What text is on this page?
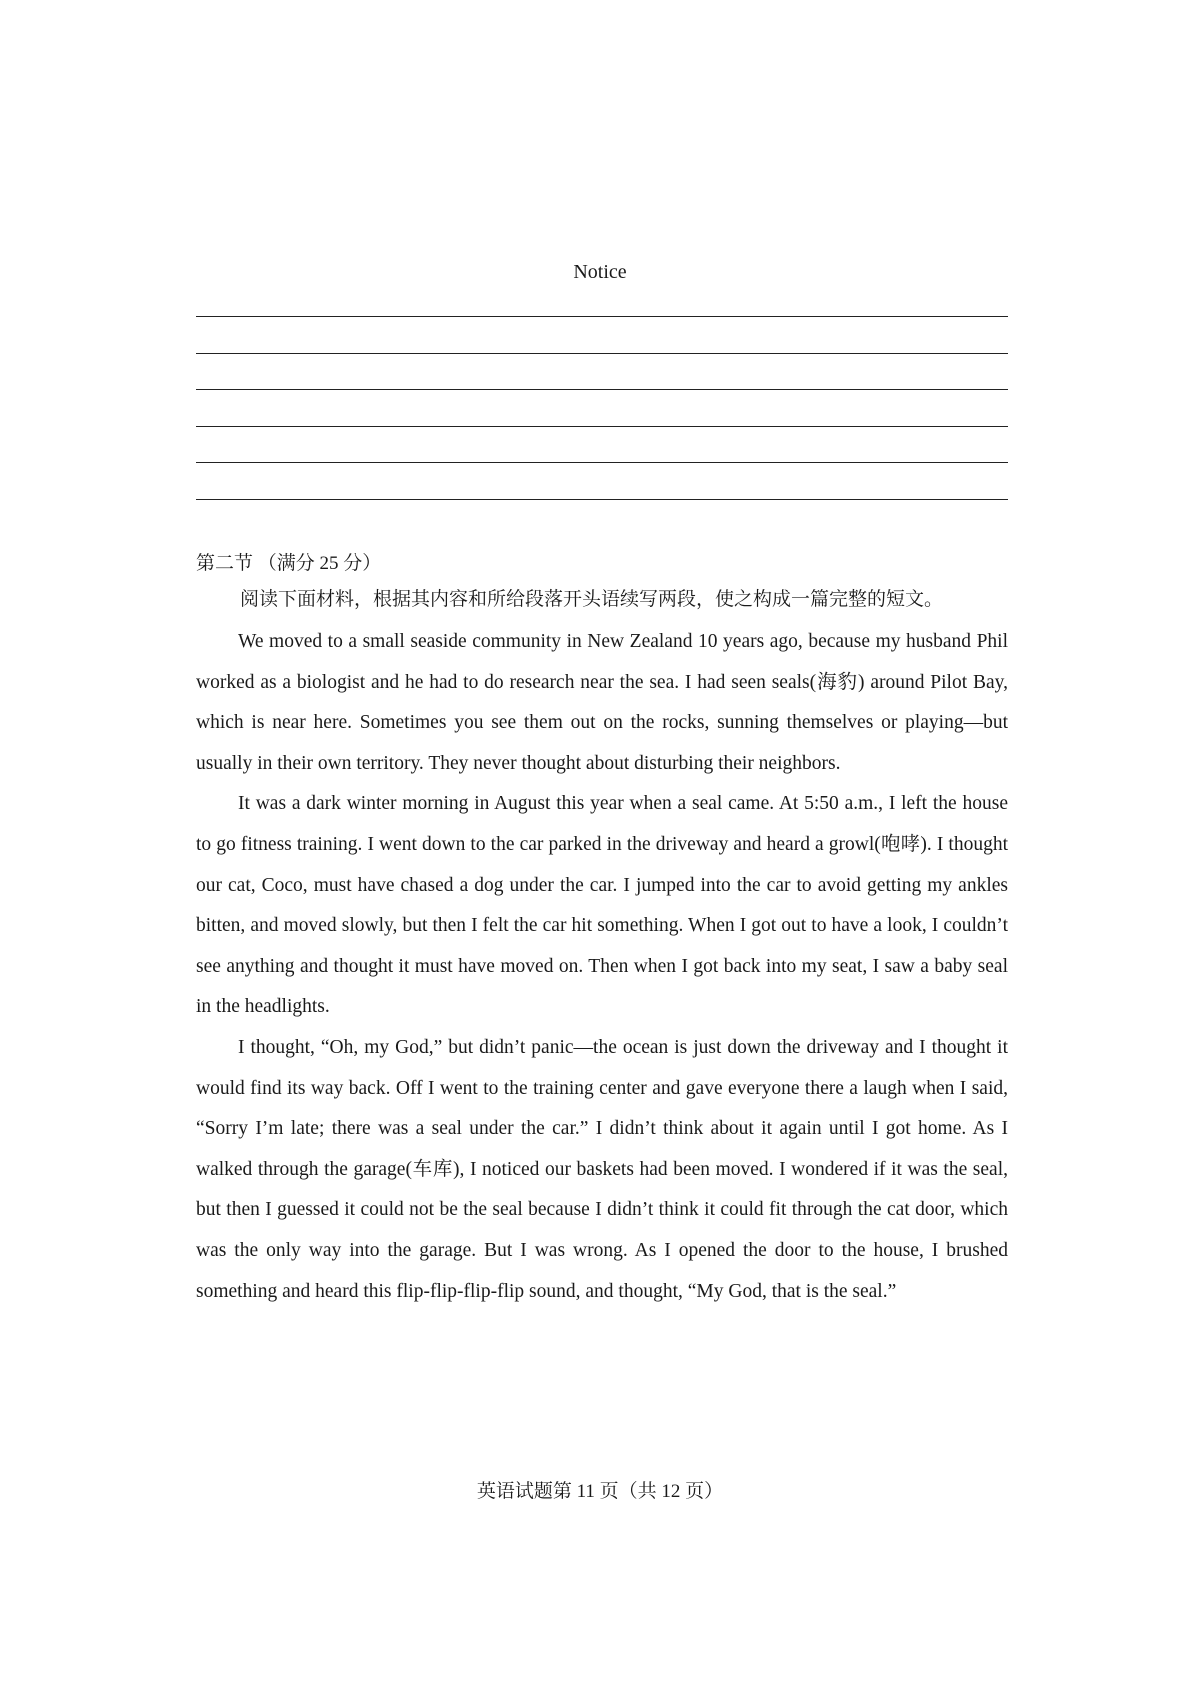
Notice

第二节 （满分 25 分）

阅读下面材料，根据其内容和所给段落开头语续写两段，使之构成一篇完整的短文。

We moved to a small seaside community in New Zealand 10 years ago, because my husband Phil worked as a biologist and he had to do research near the sea. I had seen seals(海豹) around Pilot Bay, which is near here. Sometimes you see them out on the rocks, sunning themselves or playing—but usually in their own territory. They never thought about disturbing their neighbors.

It was a dark winter morning in August this year when a seal came. At 5:50 a.m., I left the house to go fitness training. I went down to the car parked in the driveway and heard a growl(咆哮). I thought our cat, Coco, must have chased a dog under the car. I jumped into the car to avoid getting my ankles bitten, and moved slowly, but then I felt the car hit something. When I got out to have a look, I couldn’t see anything and thought it must have moved on. Then when I got back into my seat, I saw a baby seal in the headlights.

I thought, “Oh, my God,” but didn’t panic—the ocean is just down the driveway and I thought it would find its way back. Off I went to the training center and gave everyone there a laugh when I said, “Sorry I’m late; there was a seal under the car.” I didn’t think about it again until I got home. As I walked through the garage(车库), I noticed our baskets had been moved. I wondered if it was the seal, but then I guessed it could not be the seal because I didn’t think it could fit through the cat door, which was the only way into the garage. But I was wrong. As I opened the door to the house, I brushed something and heard this flip-flip-flip-flip sound, and thought, “My God, that is the seal.”

英语试题第 11 页（共 12 页）
